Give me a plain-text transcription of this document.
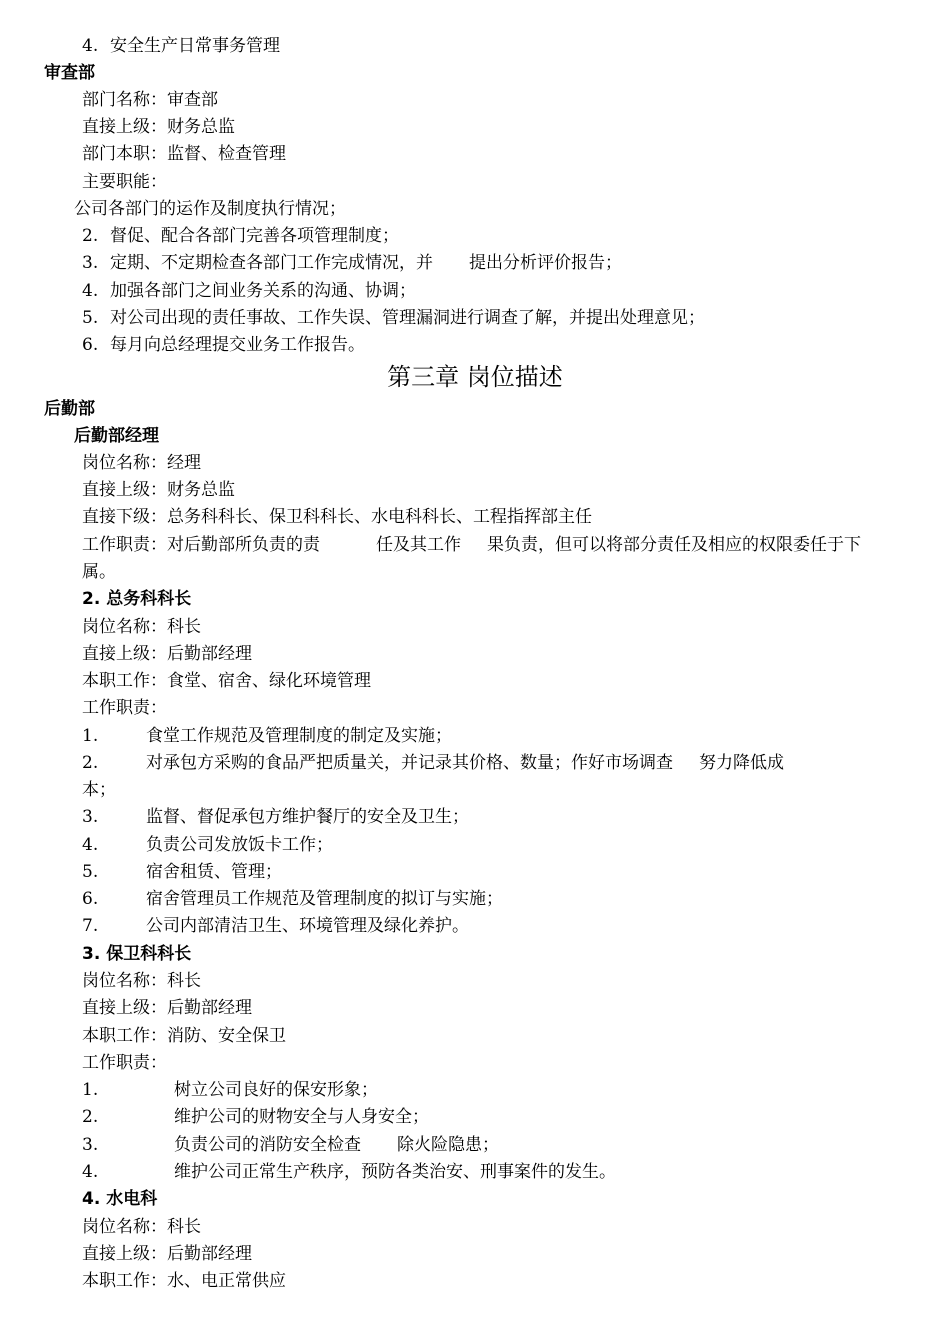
4. 安全生产日常事务管理
审查部
部门名称：审查部
直接上级：财务总监
部门本职：监督、检查管理
主要职能：
公司各部门的运作及制度执行情况；
2. 督促、配合各部门完善各项管理制度；
3. 定期、不定期检查各部门工作完成情况，并 提出分析评价报告；
4. 加强各部门之间业务关系的沟通、协调；
5. 对公司出现的责任事故、工作失误、管理漏洞进行调查了解，并提出处理意见；
6. 每月向总经理提交业务工作报告。
第三章 岗位描述
后勤部
后勤部经理
岗位名称：经理
直接上级：财务总监
直接下级：总务科科长、保卫科科长、水电科科长、工程指挥部主任
工作职责：对后勤部所负责的责	任及其工作 果负责，但可以将部分责任及相应的权限委任于下
属。
2. 总务科科长
岗位名称：科长
直接上级：后勤部经理
本职工作：食堂、宿舍、绿化环境管理
工作职责：
1.	食堂工作规范及管理制度的制定及实施；
2.	对承包方采购的食品严把质量关，并记录其价格、数量；作好市场调查 努力降低成
本；
3.	监督、督促承包方维护餐厅的安全及卫生；
4.	负责公司发放饭卡工作；
5.	宿舍租赁、管理；
6.	宿舍管理员工作规范及管理制度的拟订与实施；
7.	公司内部清洁卫生、环境管理及绿化养护。
3. 保卫科科长
岗位名称：科长
直接上级：后勤部经理
本职工作：消防、安全保卫
工作职责：
1.	树立公司良好的保安形象；
2.	维护公司的财物安全与人身安全；
3.	负责公司的消防安全检查 除火险隐患；
4.	维护公司正常生产秩序，预防各类治安、刑事案件的发生。
4. 水电科
岗位名称：科长
直接上级：后勤部经理
本职工作：水、电正常供应
